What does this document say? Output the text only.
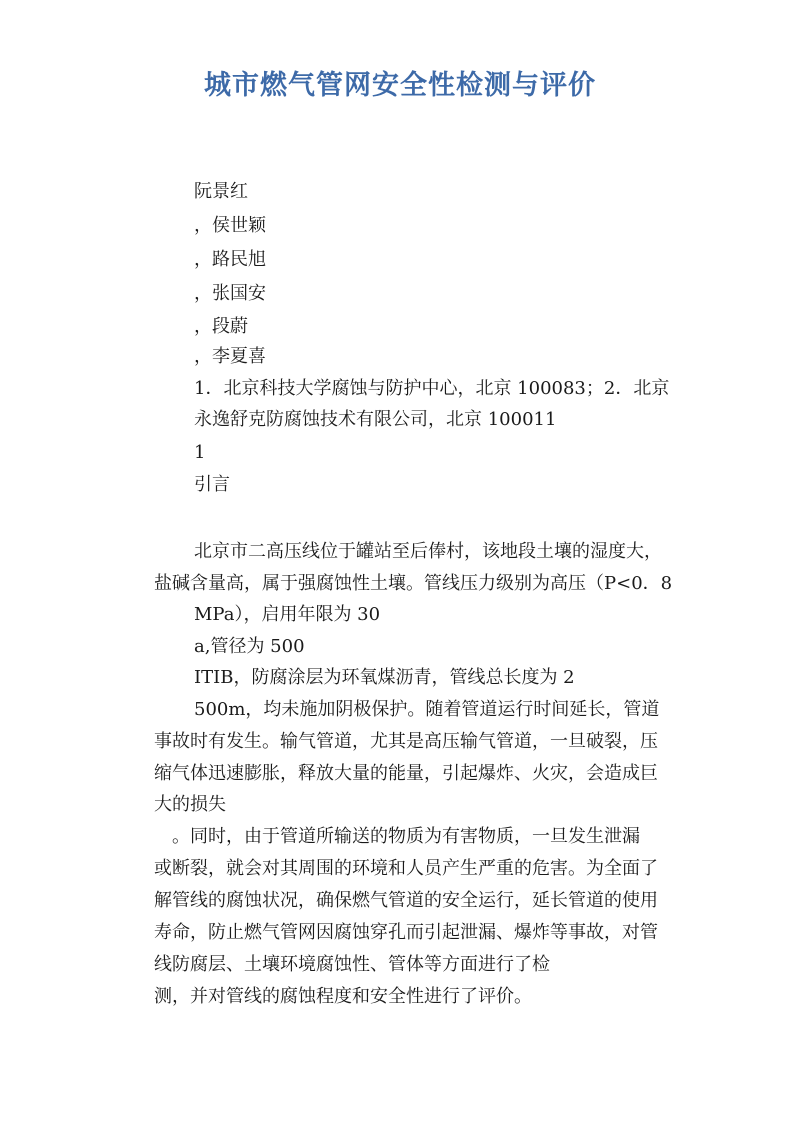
城市燃气管网安全性检测与评价
阮景红
，侯世颖
，路民旭
，张国安
，段蔚
，李夏喜
1．北京科技大学腐蚀与防护中心，北京 100083；2．北京
永逸舒克防腐蚀技术有限公司，北京 100011
1
引言
北京市二高压线位于罐站至后俸村，该地段土壤的湿度大，
盐碱含量高，属于强腐蚀性土壤。管线压力级别为高压（P<0．8
MPa），启用年限为 30
a,管径为 500
ITIB，防腐涂层为环氧煤沥青，管线总长度为 2
500m，均未施加阴极保护。随着管道运行时间延长，管道
事故时有发生。输气管道，尤其是高压输气管道，一旦破裂，压
缩气体迅速膨胀，释放大量的能量，引起爆炸、火灾，会造成巨
大的损失
。同时，由于管道所输送的物质为有害物质，一旦发生泄漏
或断裂，就会对其周围的环境和人员产生严重的危害。为全面了
解管线的腐蚀状况，确保燃气管道的安全运行，延长管道的使用
寿命，防止燃气管网因腐蚀穿孔而引起泄漏、爆炸等事故，对管
线防腐层、土壤环境腐蚀性、管体等方面进行了检
测，并对管线的腐蚀程度和安全性进行了评价。
